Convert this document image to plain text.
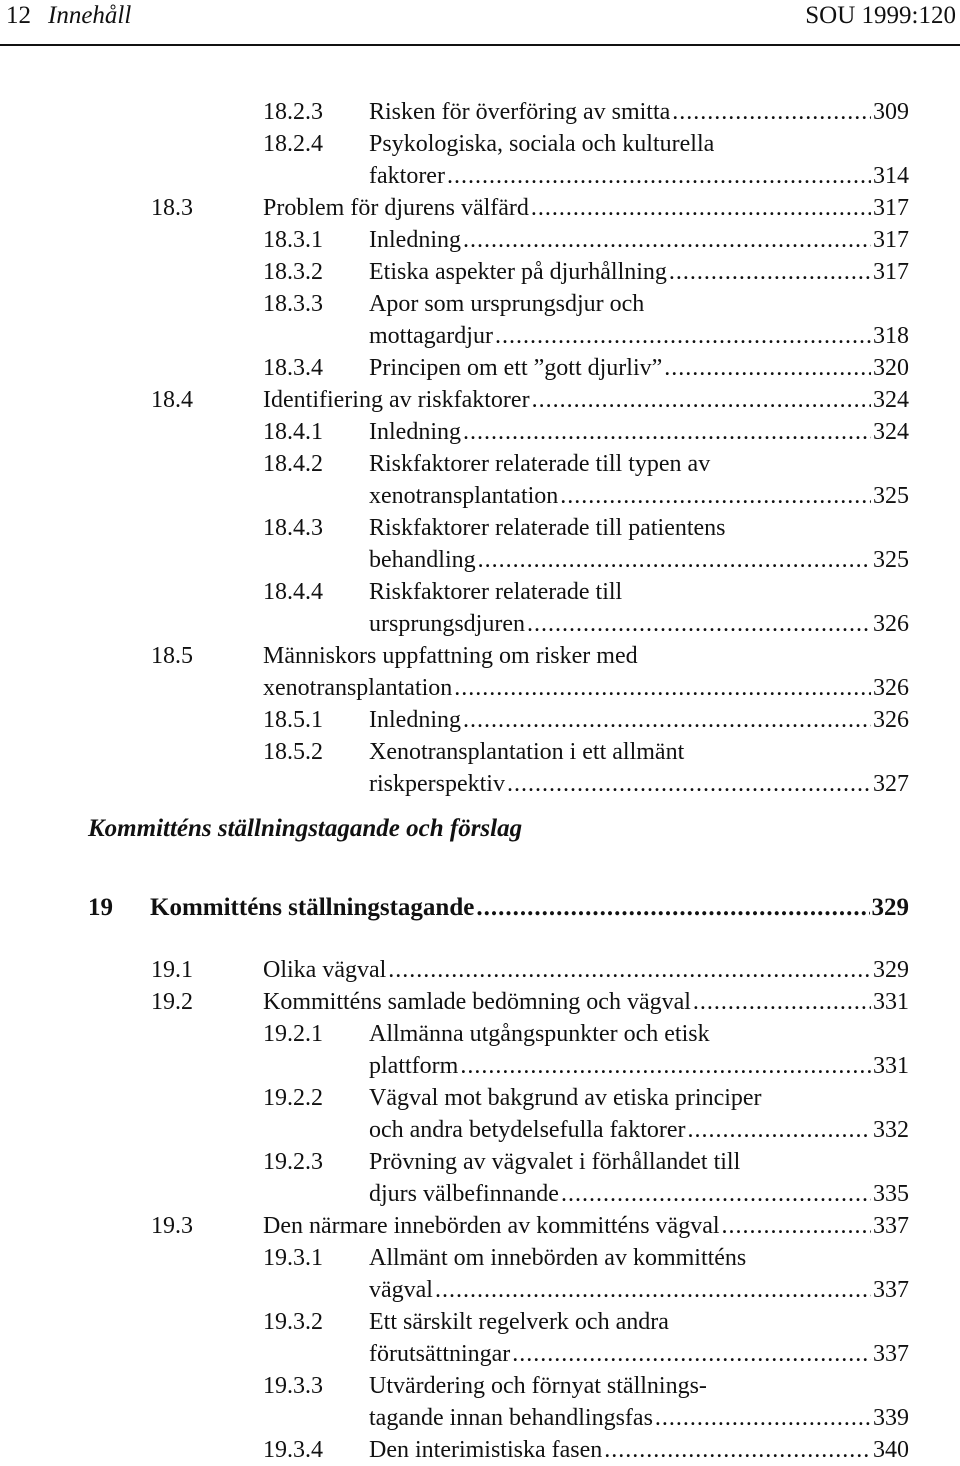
12 Innehåll	SOU 1999:120
Kommitténs ställningstagande och förslag
18.2.3 Risken för överföring av smitta .....	309
18.2.4 Psykologiska, sociala och kulturella
faktorer .....	314
18.3	Problem för djurens välfärd .....	317
18.3.1 Inledning .....	317
18.3.2 Etiska aspekter på djurhållning .....	317
18.3.3 Apor som ursprungsdjur och
mottagardjur .....	318
18.3.4 Principen om ett ”gott djurliv” .....	320
18.4	Identifiering av riskfaktorer .....	324
18.4.1 Inledning .....	324
18.4.2 Riskfaktorer relaterade till typen av
xenotransplantation .....	325
18.4.3 Riskfaktorer relaterade till patientens
behandling .....	325
18.4.4 Riskfaktorer relaterade till
ursprungsdjuren .....	326
18.5	Människors uppfattning om risker med
xenotransplantation .....	326
18.5.1 Inledning .....	326
18.5.2 Xenotransplantation i ett allmänt
riskperspektiv .....	327
19 Kommitténs ställningstagande .....	329
19.1	Olika vägval .....	329
19.2	Kommitténs samlade bedömning och vägval .....	331
19.2.1 Allmänna utgångspunkter och etisk
plattform .....	331
19.2.2 Vägval mot bakgrund av etiska principer
och andra betydelsefulla faktorer .....	332
19.2.3 Prövning av vägvalet i förhållandet till
djurs välbefinnande .....	335
19.3	Den närmare innebörden av kommitténs vägval .....	337
19.3.1 Allmänt om innebörden av kommitténs
vägval .....	337
19.3.2 Ett särskilt regelverk och andra
förutsättningar .....	337
19.3.3 Utvärdering och förnyat ställnings-
tagande innan behandlingsfas .....	339
19.3.4 Den interimistiska fasen .....	340
